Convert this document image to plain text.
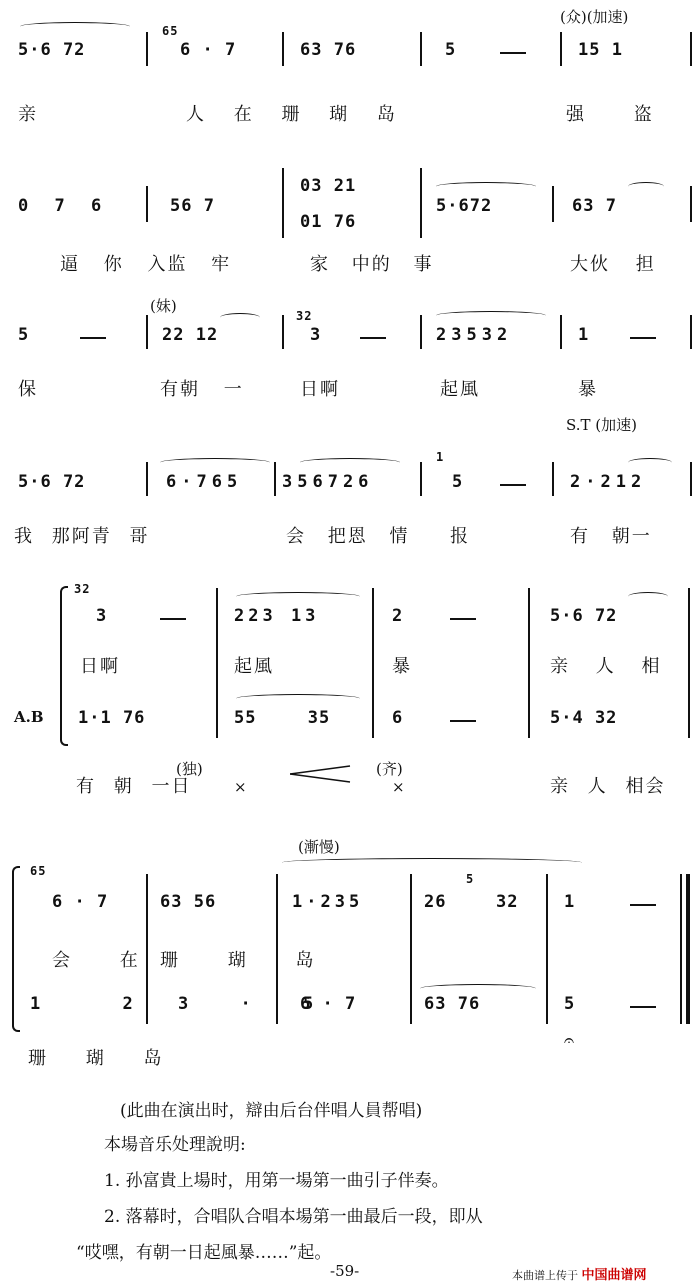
(众)(加速)
5·6 72
65
6 · 7	63 76	5	15 1
亲	人 在 珊 瑚 岛	强 盗
0 7 6	56 7
03 21
01 76
5·672	63 7
逼 你 入监 牢	家 中的 事	大伙 担
(妹)
5	22 12
32
3	23532	1
保	有朝 一	日啊	起風	暴
S.T (加速)
5·6 72	6·765 356726
1
5	2·212
我 那阿青 哥	会 把恩 情 报	有 朝一
32
3	223 13	2	5·6 72
日啊	起風	暴	亲 人 相
A.B 1·1 76	55 35	6	5·4 32
(独)
×
(齐)
×
有 朝 一日	亲 人 相会
(漸慢)
65
6 · 7	63 56	1·235	26
5
32	1
会 在 珊 瑚 岛
1 2	3 · 5
6 · 7	63 76	5
珊 瑚 岛
𝄐
(此曲在演出时，辯由后台伴唱人員帮唱)
本場音乐处理說明:
1. 孙富貴上場时，用第一場第一曲引子伴奏。
2. 落幕时，合唱队合唱本場第一曲最后一段，即从
“哎嘿，有朝一日起風暴……”起。
-59-	本曲谱上传于 中国曲谱网
